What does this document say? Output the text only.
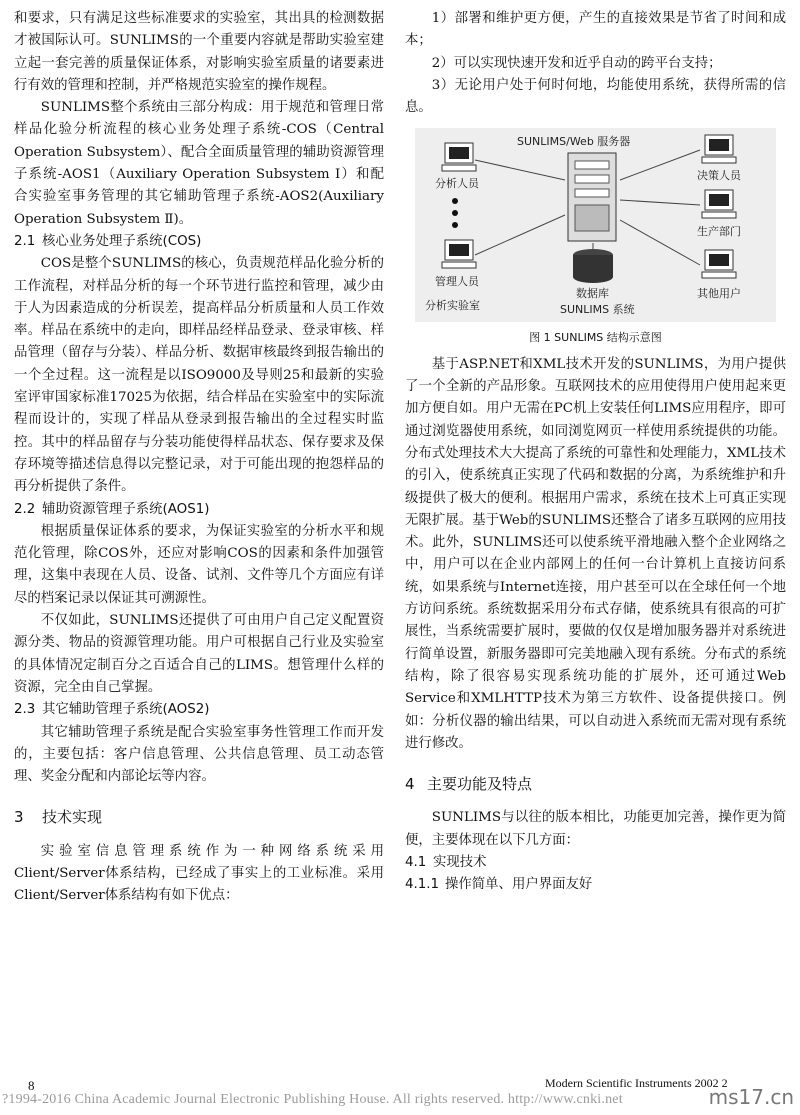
和要求，只有满足这些标准要求的实验室，其出具的检测数据才被国际认可。SUNLIMS的一个重要内容就是帮助实验室建立起一套完善的质量保证体系，对影响实验室质量的诸要素进行有效的管理和控制，并严格规范实验室的操作规程。

SUNLIMS整个系统由三部分构成：用于规范和管理日常样品化验分析流程的核心业务处理子系统-COS（Central Operation Subsystem）、配合全面质量管理的辅助资源管理子系统-AOS1（Auxiliary Operation Subsystem Ⅰ）和配合实验室事务管理的其它辅助管理子系统-AOS2(Auxiliary Operation Subsystem Ⅱ)。

2.1 核心业务处理子系统(COS)

COS是整个SUNLIMS的核心，负责规范样品化验分析的工作流程，对样品分析的每一个环节进行监控和管理，减少由于人为因素造成的分析误差，提高样品分析质量和人员工作效率。样品在系统中的走向，即样品经样品登录、登录审核、样品管理（留存与分装）、样品分析、数据审核最终到报告输出的一个全过程。这一流程是以ISO9000及导则25和最新的实验室评审国家标准17025为依据，结合样品在实验室中的实际流程而设计的，实现了样品从登录到报告输出的全过程实时监控。其中的样品留存与分装功能使得样品状态、保存要求及保存环境等描述信息得以完整记录，对于可能出现的抱怨样品的再分析提供了条件。

2.2 辅助资源管理子系统(AOS1)

根据质量保证体系的要求，为保证实验室的分析水平和规范化管理，除COS外，还应对影响COS的因素和条件加强管理，这集中表现在人员、设备、试剂、文件等几个方面应有详尽的档案记录以保证其可溯源性。

不仅如此，SUNLIMS还提供了可由用户自己定义配置资源分类、物品的资源管理功能。用户可根据自己行业及实验室的具体情况定制百分之百适合自己的LIMS。想管理什么样的资源，完全由自己掌握。

2.3 其它辅助管理子系统(AOS2)

其它辅助管理子系统是配合实验室事务性管理工作而开发的，主要包括：客户信息管理、公共信息管理、员工动态管理、奖金分配和内部论坛等内容。

3 技术实现

实验室信息管理系统作为一种网络系统采用Client/Server体系结构，已经成了事实上的工业标准。采用Client/Server体系结构有如下优点：

1）部署和维护更方便，产生的直接效果是节省了时间和成本；

2）可以实现快速开发和近乎自动的跨平台支持；

3）无论用户处于何时何地，均能使用系统，获得所需的信息。

分析人员
管理人员
分析实验室
SUNLIMS/Web 服务器
数据库
SUNLIMS 系统
决策人员
生产部门
其他用户
图 1 SUNLIMS 结构示意图

基于ASP.NET和XML技术开发的SUNLIMS，为用户提供了一个全新的产品形象。互联网技术的应用使得用户使用起来更加方便自如。用户无需在PC机上安装任何LIMS应用程序，即可通过浏览器使用系统，如同浏览网页一样使用系统提供的功能。分布式处理技术大大提高了系统的可靠性和处理能力，XML技术的引入，使系统真正实现了代码和数据的分离，为系统维护和升级提供了极大的便利。根据用户需求，系统在技术上可真正实现无限扩展。基于Web的SUNLIMS还整合了诸多互联网的应用技术。此外，SUNLIMS还可以使系统平滑地融入整个企业网络之中，用户可以在企业内部网上的任何一台计算机上直接访问系统，如果系统与Internet连接，用户甚至可以在全球任何一个地方访问系统。系统数据采用分布式存储，使系统具有很高的可扩展性，当系统需要扩展时，要做的仅仅是增加服务器并对系统进行简单设置，新服务器即可完美地融入现有系统。分布式的系统结构，除了很容易实现系统功能的扩展外，还可通过Web Service和XMLHTTP技术为第三方软件、设备提供接口。例如：分析仪器的输出结果，可以自动进入系统而无需对现有系统进行修改。

4 主要功能及特点

SUNLIMS与以往的版本相比，功能更加完善，操作更为简便，主要体现在以下几方面：

4.1 实现技术
4.1.1 操作简单、用户界面友好
8	Modern Scientific Instruments 2002 2
?1994-2016 China Academic Journal Electronic Publishing House. All rights reserved. http://www.cnki.net	ms17.cn
